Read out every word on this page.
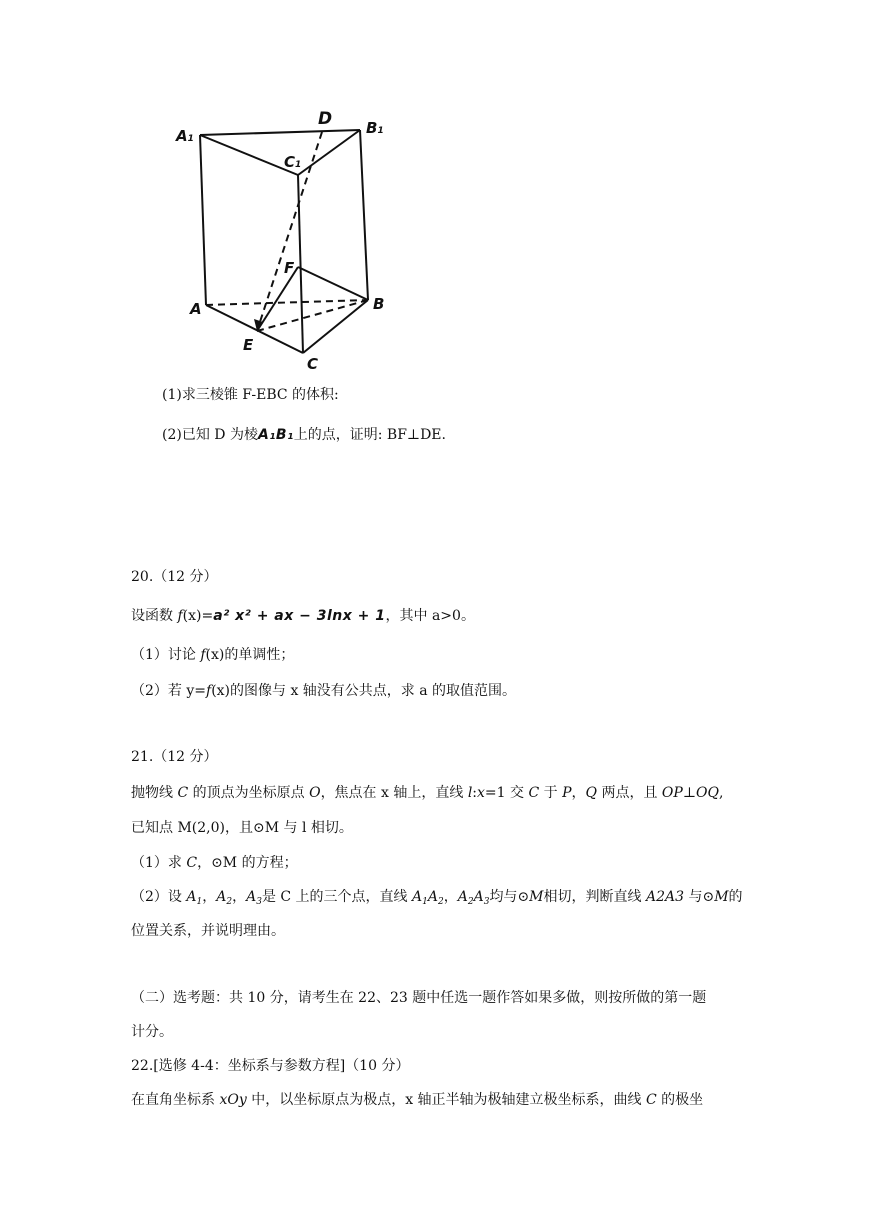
A1
D B1
C1
F
A	B
E
C
(1)求三棱锥 F-EBC 的体积:
(2)已知 D 为棱A₁B₁上的点，证明: BF⊥DE.
20.（12 分）
设函数 f(x)=a² x² + ax − 3lnx + 1，其中 a>0。
（1）讨论 f(x)的单调性；
（2）若 y=f(x)的图像与 x 轴没有公共点，求 a 的取值范围。
21.（12 分）
抛物线 C 的顶点为坐标原点 O，焦点在 x 轴上，直线 l:x=1 交 C 于 P，Q 两点，且 OP⊥OQ,
已知点 M(2,0)，且⊙M 与 l 相切。
（1）求 C，⊙M 的方程；
（2）设 $A_1$，$A_2$，$A_3$是 C 上的三个点，直线 $A_1A_2$，$A_2A_3$均与⊙M相切，判断直线 A2A3 与⊙M的
位置关系，并说明理由。
（二）选考题：共 10 分，请考生在 22、23 题中任选一题作答如果多做，则按所做的第一题
计分。
22.[选修 4-4：坐标系与参数方程]（10 分）
在直角坐标系 xOy 中，以坐标原点为极点，x 轴正半轴为极轴建立极坐标系，曲线 C 的极坐
